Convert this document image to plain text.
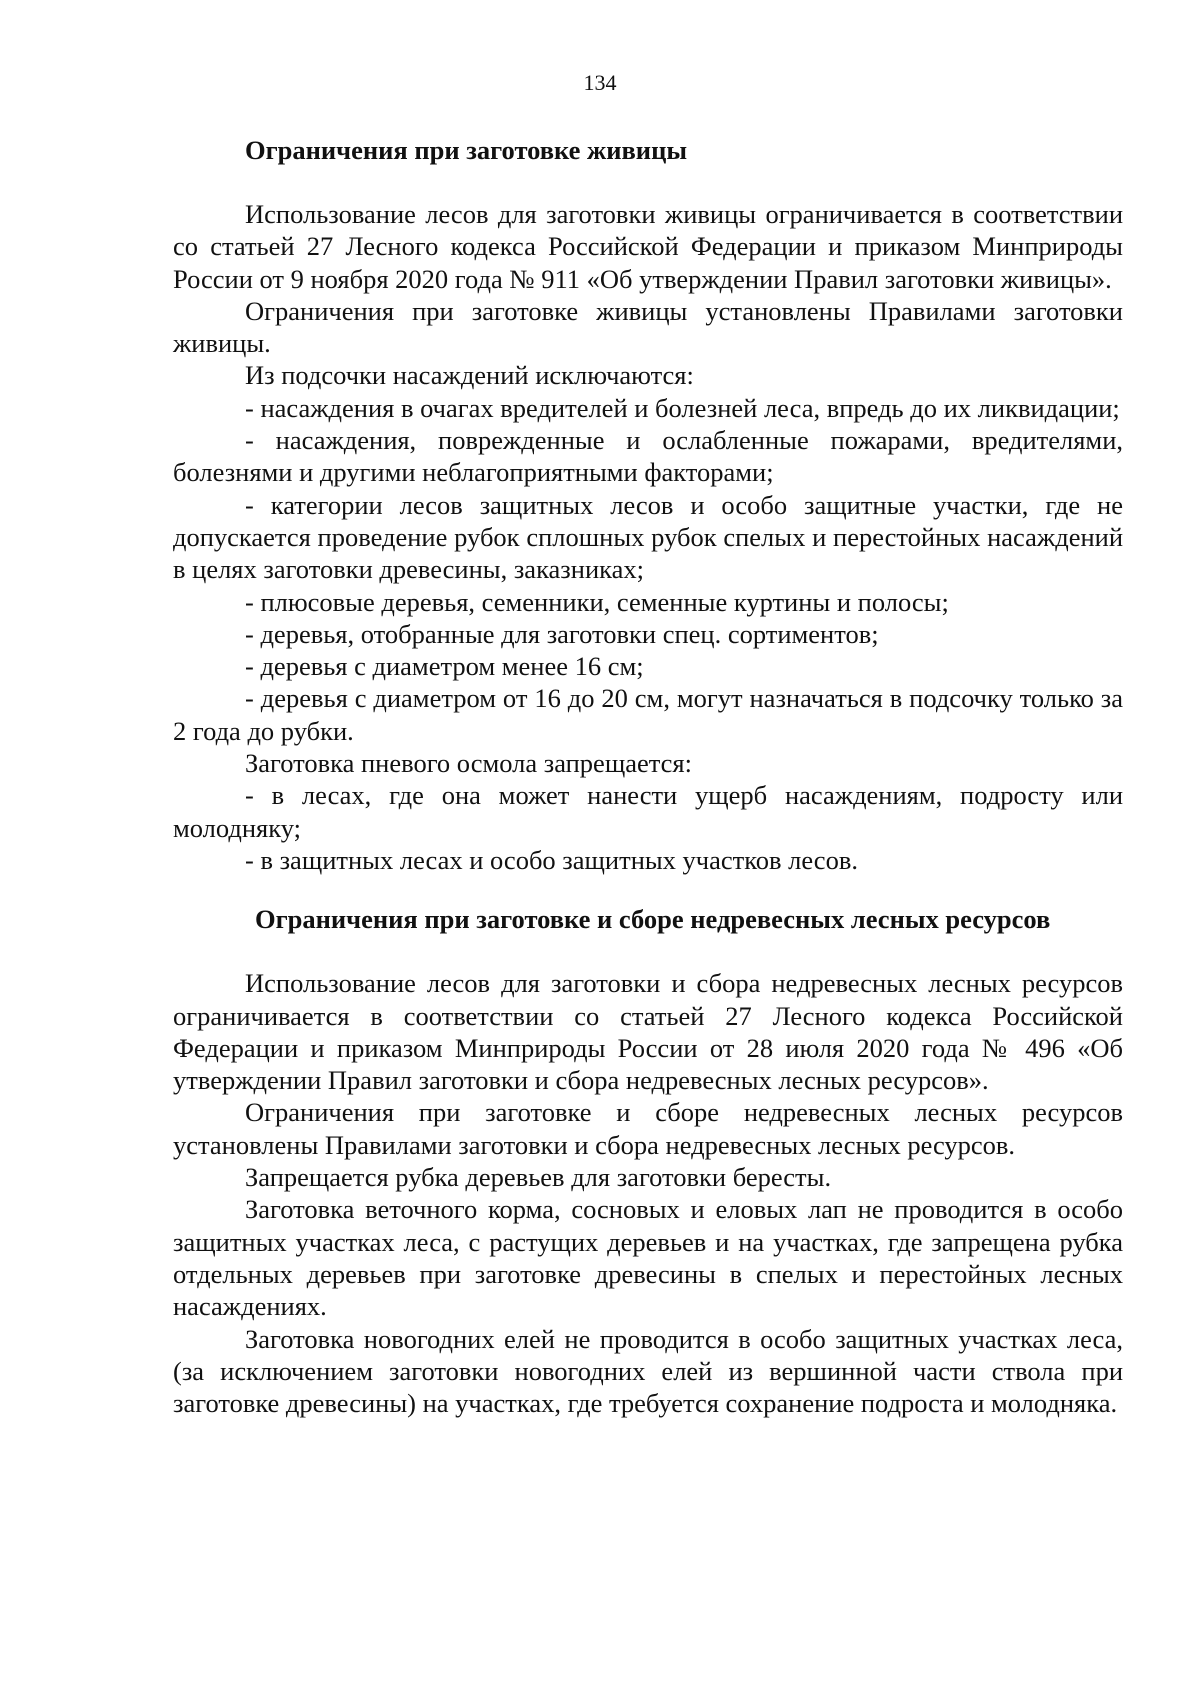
134
Ограничения при заготовке живицы

Использование лесов для заготовки живицы ограничивается в соответствии со статьей 27 Лесного кодекса Российской Федерации и приказом Минприроды России от 9 ноября 2020 года № 911 «Об утверждении Правил заготовки живицы».

Ограничения при заготовке живицы установлены Правилами заготовки живицы.

Из подсочки насаждений исключаются:

- насаждения в очагах вредителей и болезней леса, впредь до их ликвидации;

- насаждения, поврежденные и ослабленные пожарами, вредителями, болезнями и другими неблагоприятными факторами;

- категории лесов защитных лесов и особо защитные участки, где не допускается проведение рубок сплошных рубок спелых и перестойных насаждений в целях заготовки древесины, заказниках;

- плюсовые деревья, семенники, семенные куртины и полосы;

- деревья, отобранные для заготовки спец. сортиментов;

- деревья с диаметром менее 16 см;

- деревья с диаметром от 16 до 20 см, могут назначаться в подсочку только за 2 года до рубки.

Заготовка пневого осмола запрещается:

- в лесах, где она может нанести ущерб насаждениям, подросту или молодняку;

- в защитных лесах и особо защитных участков лесов.

Ограничения при заготовке и сборе недревесных лесных ресурсов

Использование лесов для заготовки и сбора недревесных лесных ресурсов ограничивается в соответствии со статьей 27 Лесного кодекса Российской Федерации и приказом Минприроды России от 28 июля 2020 года № 496 «Об утверждении Правил заготовки и сбора недревесных лесных ресурсов».

Ограничения при заготовке и сборе недревесных лесных ресурсов установлены Правилами заготовки и сбора недревесных лесных ресурсов.

Запрещается рубка деревьев для заготовки бересты.

Заготовка веточного корма, сосновых и еловых лап не проводится в особо защитных участках леса, с растущих деревьев и на участках, где запрещена рубка отдельных деревьев при заготовке древесины в спелых и перестойных лесных насаждениях.

Заготовка новогодних елей не проводится в особо защитных участках леса, (за исключением заготовки новогодних елей из вершинной части ствола при заготовке древесины) на участках, где требуется сохранение подроста и молодняка.
